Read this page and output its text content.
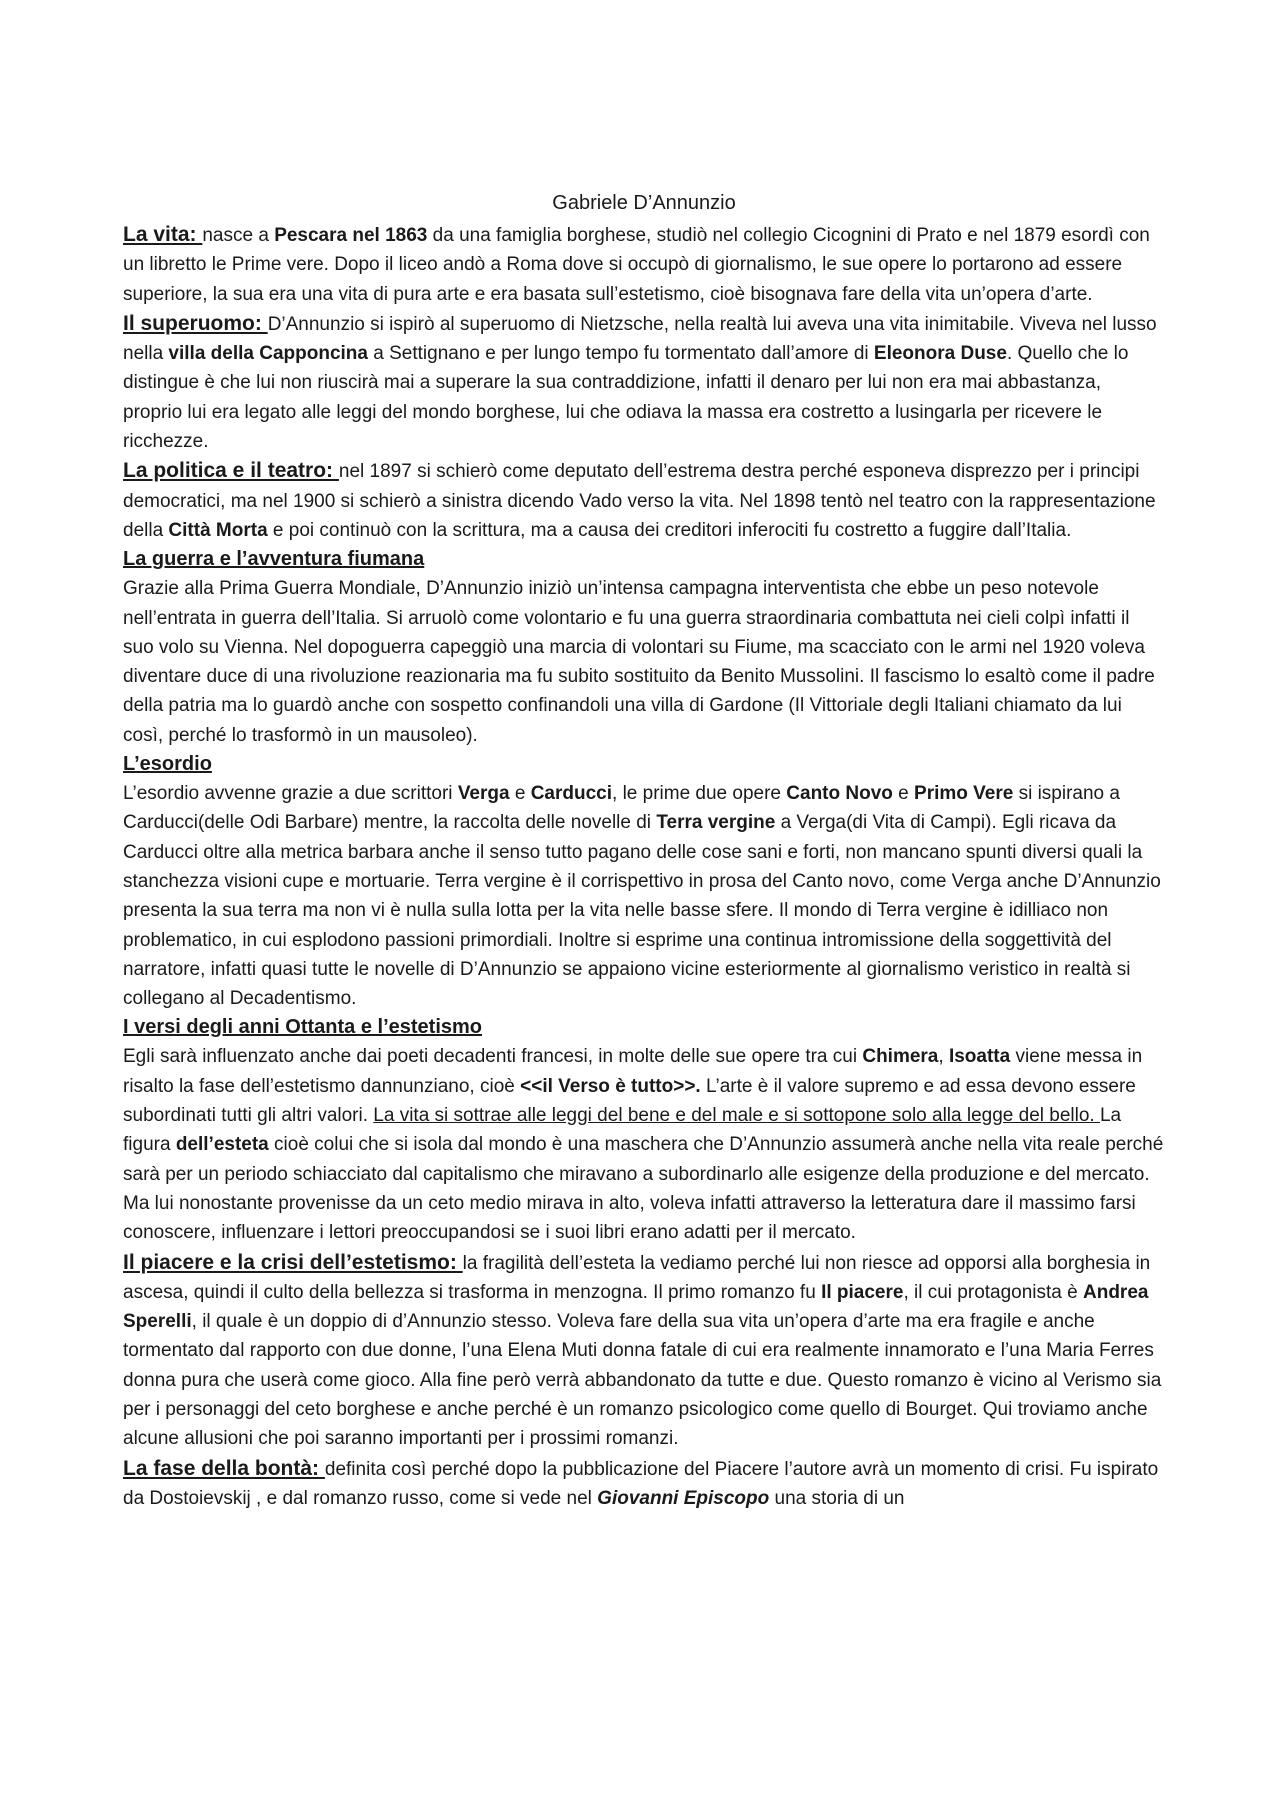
Gabriele D’Annunzio

La vita: nasce a Pescara nel 1863 da una famiglia borghese, studiò nel collegio Cicognini di Prato e nel 1879 esordì con un libretto le Prime vere. Dopo il liceo andò a Roma dove si occupò di giornalismo, le sue opere lo portarono ad essere superiore, la sua era una vita di pura arte e era basata sull’estetismo, cioè bisognava fare della vita un’opera d’arte.

Il superuomo: D’Annunzio si ispirò al superuomo di Nietzsche, nella realtà lui aveva una vita inimitabile. Viveva nel lusso nella villa della Capponcina a Settignano e per lungo tempo fu tormentato dall’amore di Eleonora Duse. Quello che lo distingue è che lui non riuscirà mai a superare la sua contraddizione, infatti il denaro per lui non era mai abbastanza, proprio lui era legato alle leggi del mondo borghese, lui che odiava la massa era costretto a lusingarla per ricevere le ricchezze.

La politica e il teatro: nel 1897 si schierò come deputato dell’estrema destra perché esponeva disprezzo per i principi democratici, ma nel 1900 si schierò a sinistra dicendo Vado verso la vita. Nel 1898 tentò nel teatro con la rappresentazione della Città Morta e poi continuò con la scrittura, ma a causa dei creditori inferociti fu costretto a fuggire dall’Italia.

La guerra e l’avventura fiumana

Grazie alla Prima Guerra Mondiale, D’Annunzio iniziò un’intensa campagna interventista che ebbe un peso notevole nell’entrata in guerra dell’Italia. Si arruolò come volontario e fu una guerra straordinaria combattuta nei cieli colpì infatti il suo volo su Vienna. Nel dopoguerra capeggiò una marcia di volontari su Fiume, ma scacciato con le armi nel 1920 voleva diventare duce di una rivoluzione reazionaria ma fu subito sostituito da Benito Mussolini. Il fascismo lo esaltò come il padre della patria ma lo guardò anche con sospetto confinandoli una villa di Gardone (Il Vittoriale degli Italiani chiamato da lui così, perché lo trasformò in un mausoleo).

L’esordio

L’esordio avvenne grazie a due scrittori Verga e Carducci, le prime due opere Canto Novo e Primo Vere si ispirano a Carducci(delle Odi Barbare) mentre, la raccolta delle novelle di Terra vergine a Verga(di Vita di Campi). Egli ricava da Carducci oltre alla metrica barbara anche il senso tutto pagano delle cose sani e forti, non mancano spunti diversi quali la stanchezza visioni cupe e mortuarie. Terra vergine è il corrispettivo in prosa del Canto novo, come Verga anche D’Annunzio presenta la sua terra ma non vi è nulla sulla lotta per la vita nelle basse sfere. Il mondo di Terra vergine è idilliaco non problematico, in cui esplodono passioni primordiali. Inoltre si esprime una continua intromissione della soggettività del narratore, infatti quasi tutte le novelle di D’Annunzio se appaiono vicine esteriormente al giornalismo veristico in realtà si collegano al Decadentismo.

I versi degli anni Ottanta e l’estetismo

Egli sarà influenzato anche dai poeti decadenti francesi, in molte delle sue opere tra cui Chimera, Isoatta viene messa in risalto la fase dell’estetismo dannunziano, cioè <<il Verso è tutto>>. L’arte è il valore supremo e ad essa devono essere subordinati tutti gli altri valori. La vita si sottrae alle leggi del bene e del male e si sottopone solo alla legge del bello. La figura dell’esteta cioè colui che si isola dal mondo è una maschera che D’Annunzio assumerà anche nella vita reale perché sarà per un periodo schiacciato dal capitalismo che miravano a subordinarlo alle esigenze della produzione e del mercato. Ma lui nonostante provenisse da un ceto medio mirava in alto, voleva infatti attraverso la letteratura dare il massimo farsi conoscere, influenzare i lettori preoccupandosi se i suoi libri erano adatti per il mercato.

Il piacere e la crisi dell’estetismo: la fragilità dell’esteta la vediamo perché lui non riesce ad opporsi alla borghesia in ascesa, quindi il culto della bellezza si trasforma in menzogna. Il primo romanzo fu Il piacere, il cui protagonista è Andrea Sperelli, il quale è un doppio di d’Annunzio stesso. Voleva fare della sua vita un’opera d’arte ma era fragile e anche tormentato dal rapporto con due donne, l’una Elena Muti donna fatale di cui era realmente innamorato e l’una Maria Ferres donna pura che userà come gioco. Alla fine però verrà abbandonato da tutte e due. Questo romanzo è vicino al Verismo sia per i personaggi del ceto borghese e anche perché è un romanzo psicologico come quello di Bourget. Qui troviamo anche alcune allusioni che poi saranno importanti per i prossimi romanzi.

La fase della bontà: definita così perché dopo la pubblicazione del Piacere l’autore avrà un momento di crisi. Fu ispirato da Dostoievskij , e dal romanzo russo, come si vede nel Giovanni Episcopo una storia di un
